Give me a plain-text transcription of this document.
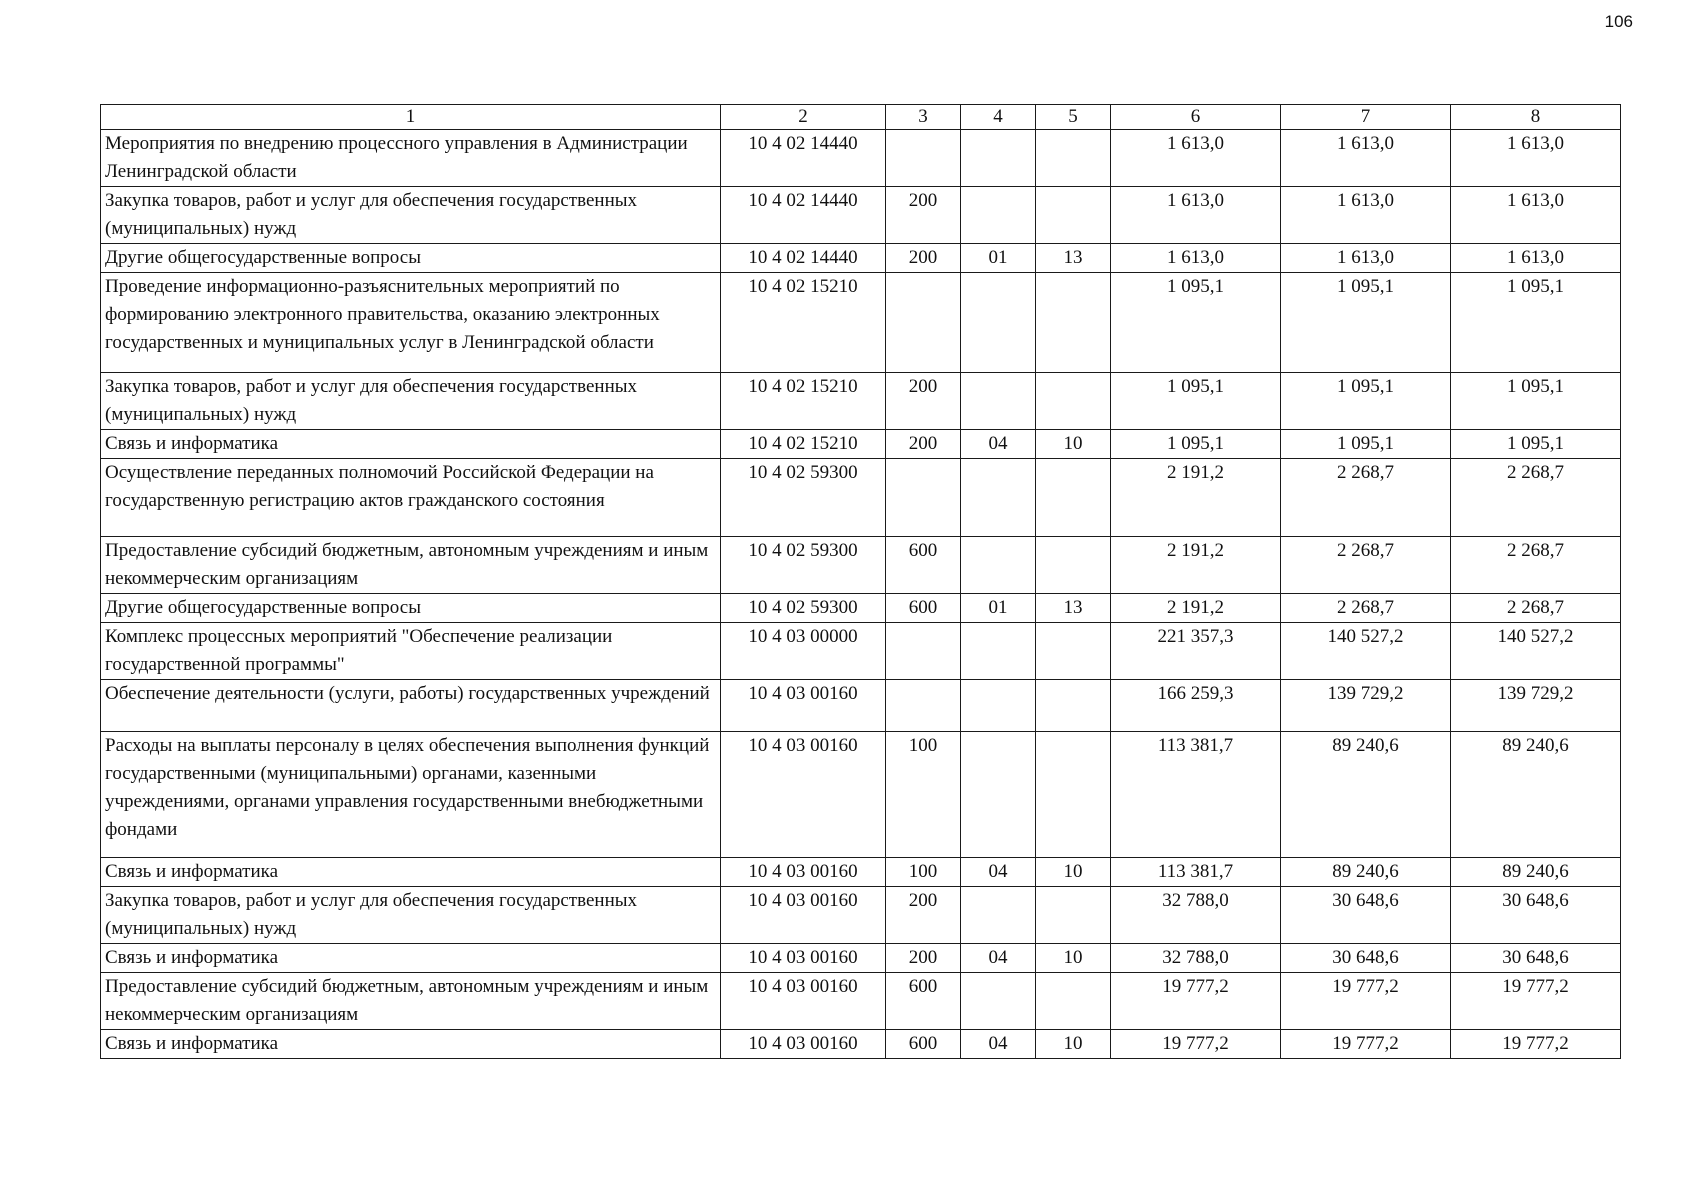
106
1	2	3	4	5	6	7	8
Мероприятия по внедрению процессного управления в Администрации Ленинградской области	10 4 02 14440				1 613,0	1 613,0	1 613,0
Закупка товаров, работ и услуг для обеспечения государственных (муниципальных) нужд	10 4 02 14440	200			1 613,0	1 613,0	1 613,0
Другие общегосударственные вопросы	10 4 02 14440	200	01	13	1 613,0	1 613,0	1 613,0
Проведение информационно-разъяснительных мероприятий по формированию электронного правительства, оказанию электронных государственных и муниципальных услуг в Ленинградской области	10 4 02 15210				1 095,1	1 095,1	1 095,1
Закупка товаров, работ и услуг для обеспечения государственных (муниципальных) нужд	10 4 02 15210	200			1 095,1	1 095,1	1 095,1
Связь и информатика	10 4 02 15210	200	04	10	1 095,1	1 095,1	1 095,1
Осуществление переданных полномочий Российской Федерации на государственную регистрацию актов гражданского состояния	10 4 02 59300				2 191,2	2 268,7	2 268,7
Предоставление субсидий бюджетным, автономным учреждениям и иным некоммерческим организациям	10 4 02 59300	600			2 191,2	2 268,7	2 268,7
Другие общегосударственные вопросы	10 4 02 59300	600	01	13	2 191,2	2 268,7	2 268,7
Комплекс процессных мероприятий "Обеспечение реализации государственной программы"	10 4 03 00000				221 357,3	140 527,2	140 527,2
Обеспечение деятельности (услуги, работы) государственных учреждений	10 4 03 00160				166 259,3	139 729,2	139 729,2
Расходы на выплаты персоналу в целях обеспечения выполнения функций государственными (муниципальными) органами, казенными учреждениями, органами управления государственными внебюджетными фондами	10 4 03 00160	100			113 381,7	89 240,6	89 240,6
Связь и информатика	10 4 03 00160	100	04	10	113 381,7	89 240,6	89 240,6
Закупка товаров, работ и услуг для обеспечения государственных (муниципальных) нужд	10 4 03 00160	200			32 788,0	30 648,6	30 648,6
Связь и информатика	10 4 03 00160	200	04	10	32 788,0	30 648,6	30 648,6
Предоставление субсидий бюджетным, автономным учреждениям и иным некоммерческим организациям	10 4 03 00160	600			19 777,2	19 777,2	19 777,2
Связь и информатика	10 4 03 00160	600	04	10	19 777,2	19 777,2	19 777,2
